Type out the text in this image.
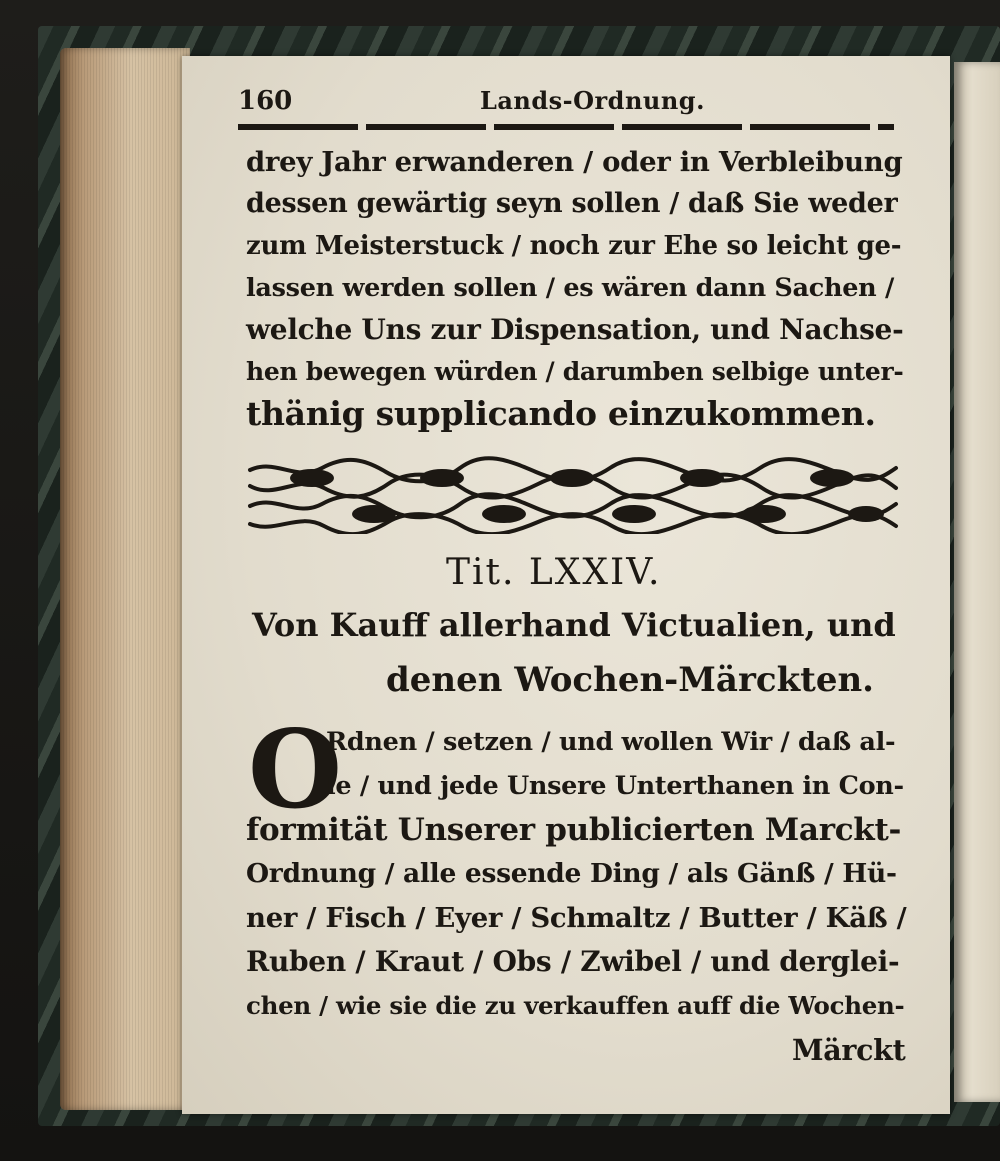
160	Lands-Ordnung.
drey Jahr erwanderen / oder in Verbleibung
dessen gewärtig seyn sollen / daß Sie weder
zum Meisterstuck / noch zur Ehe so leicht ge-
lassen werden sollen / es wären dann Sachen /
welche Uns zur Dispensation, und Nachse-
hen bewegen würden / darumben selbige unter-
thänig supplicando einzukommen.
Tit. LXXIV.
Von Kauff allerhand Victualien, und
denen Wochen-Märckten.
O
Rdnen / setzen / und wollen Wir / daß al-
le / und jede Unsere Unterthanen in Con-
formität Unserer publicierten Marckt-
Ordnung / alle essende Ding / als Gänß / Hü-
ner / Fisch / Eyer / Schmaltz / Butter / Käß /
Ruben / Kraut / Obs / Zwibel / und derglei-
chen / wie sie die zu verkauffen auff die Wochen-
Märckt
